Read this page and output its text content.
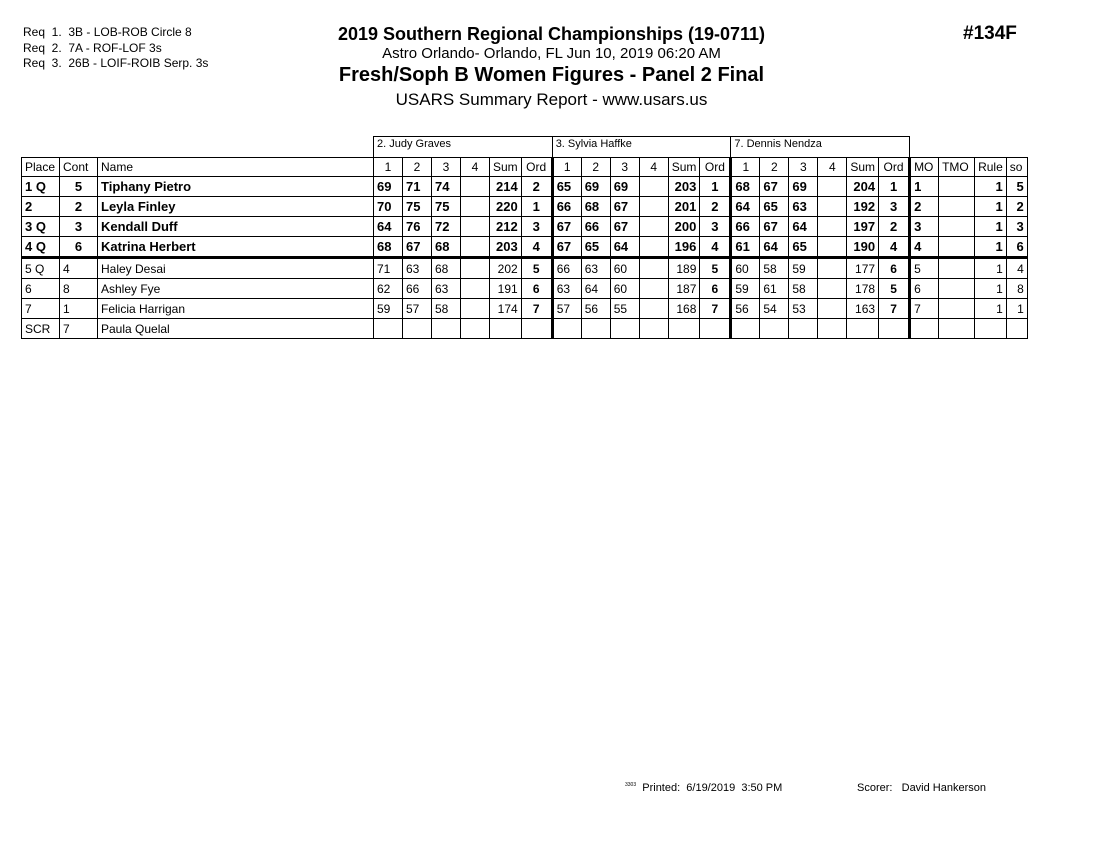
Req  1.  3B - LOB-ROB Circle 8
Req  2.  7A - ROF-LOF 3s
Req  3.  26B - LOIF-ROIB Serp. 3s
2019 Southern Regional Championships (19-0711)
Astro Orlando- Orlando, FL Jun 10, 2019 06:20 AM
Fresh/Soph B Women Figures - Panel 2 Final
USARS Summary Report - www.usars.us
#134F
			2. Judy Graves						3. Sylvia Haffke						7. Dennis Nendza									
Place	Cont	Name	1	2	3	4	Sum	Ord	1	2	3	4	Sum	Ord	1	2	3	4	Sum	Ord	MO	TMO	Rule	so
1 Q	5	Tiphany Pietro	69	71	74		214	2	65	69	69		203	1	68	67	69		204	1	1		1	5
2	2	Leyla Finley	70	75	75		220	1	66	68	67		201	2	64	65	63		192	3	2		1	2
3 Q	3	Kendall Duff	64	76	72		212	3	67	66	67		200	3	66	67	64		197	2	3		1	3
4 Q	6	Katrina Herbert	68	67	68		203	4	67	65	64		196	4	61	64	65		190	4	4		1	6
5 Q	4	Haley Desai	71	63	68		202	5	66	63	60		189	5	60	58	59		177	6	5		1	4
6	8	Ashley Fye	62	66	63		191	6	63	64	60		187	6	59	61	58		178	5	6		1	8
7	1	Felicia Harrigan	59	57	58		174	7	57	56	55		168	7	56	54	53		163	7	7		1	1
SCR	7	Paula Quelal																						
$^{3303}$ Printed:  6/19/2019  3:50 PM	Scorer:   David Hankerson
